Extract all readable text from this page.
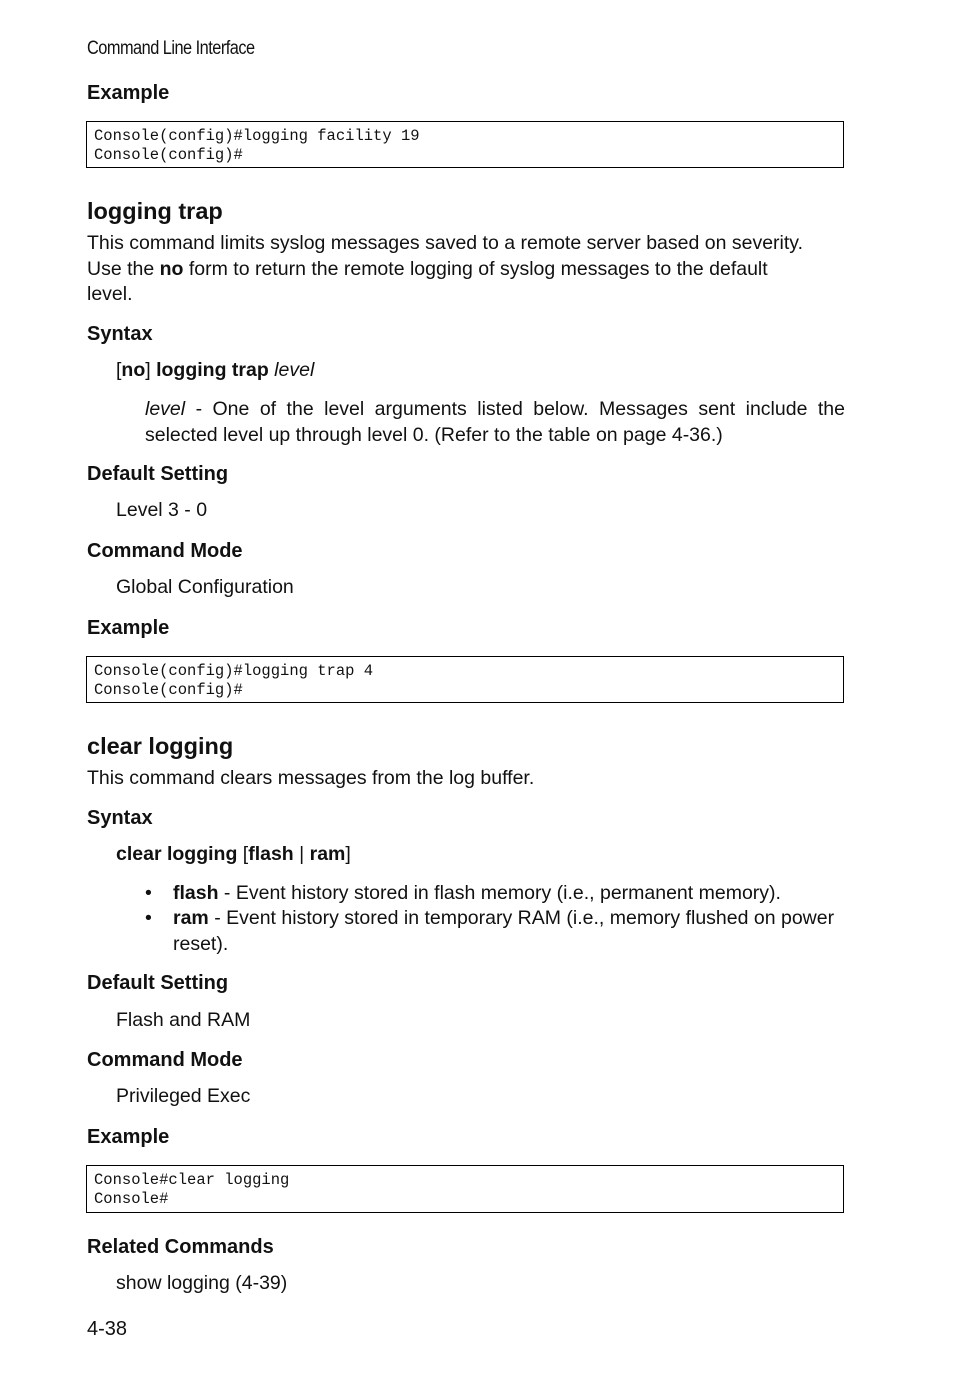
Command Line Interface
Example
Console(config)#logging facility 19
Console(config)#
logging trap
This command limits syslog messages saved to a remote server based on severity.
Use the no form to return the remote logging of syslog messages to the default
level.
Syntax
[no] logging trap level
level - One of the level arguments listed below. Messages sent include the selected level up through level 0. (Refer to the table on page 4-36.)
Default Setting
Level 3 - 0
Command Mode
Global Configuration
Example
Console(config)#logging trap 4
Console(config)#
clear logging
This command clears messages from the log buffer.
Syntax
clear logging [flash | ram]
• flash - Event history stored in flash memory (i.e., permanent memory).
• ram - Event history stored in temporary RAM (i.e., memory flushed on power reset).
Default Setting
Flash and RAM
Command Mode
Privileged Exec
Example
Console#clear logging
Console#
Related Commands
show logging (4-39)
4-38
